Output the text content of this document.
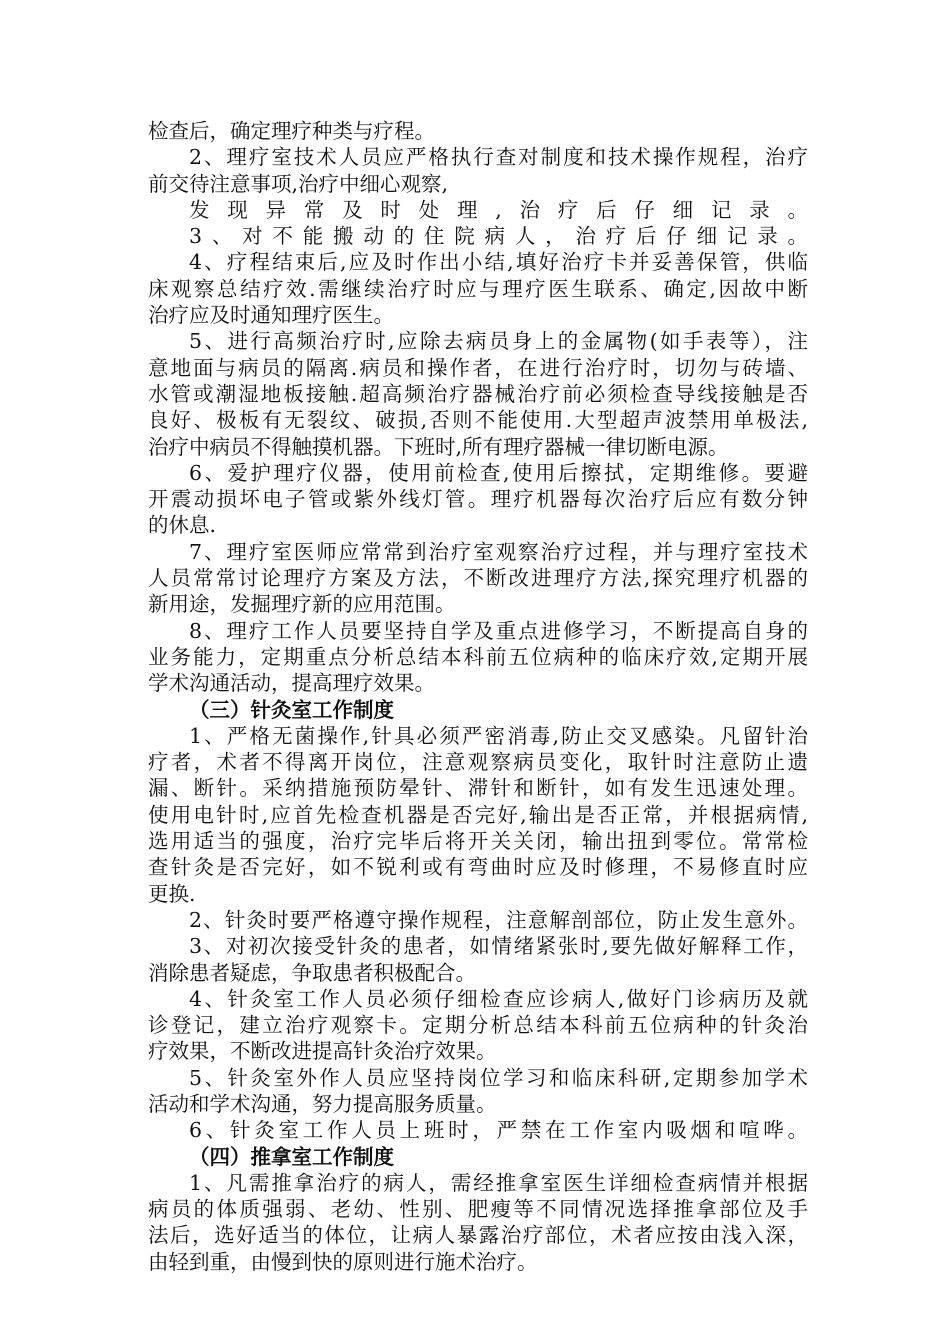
检查后，确定理疗种类与疗程。
2、理疗室技术人员应严格执行查对制度和技术操作规程，治疗
前交待注意事项,治疗中细心观察,
发现异常及时处理,治疗后仔细记录。
3、对不能搬动的住院病人，治疗后仔细记录。
4、疗程结束后,应及时作出小结,填好治疗卡并妥善保管，供临
床观察总结疗效.需继续治疗时应与理疗医生联系、确定,因故中断
治疗应及时通知理疗医生。
5、进行高频治疗时,应除去病员身上的金属物(如手表等），注
意地面与病员的隔离.病员和操作者，在进行治疗时，切勿与砖墙、
水管或潮湿地板接触.超高频治疗器械治疗前必须检查导线接触是否
良好、极板有无裂纹、破损,否则不能使用.大型超声波禁用单极法,
治疗中病员不得触摸机器。下班时,所有理疗器械一律切断电源。
6、爱护理疗仪器，使用前检查,使用后擦拭，定期维修。要避
开震动损坏电子管或紫外线灯管。理疗机器每次治疗后应有数分钟
的休息.
7、理疗室医师应常常到治疗室观察治疗过程，并与理疗室技术
人员常常讨论理疗方案及方法，不断改进理疗方法,探究理疗机器的
新用途，发掘理疗新的应用范围。
8、理疗工作人员要坚持自学及重点进修学习，不断提高自身的
业务能力，定期重点分析总结本科前五位病种的临床疗效,定期开展
学术沟通活动，提高理疗效果。
（三）针灸室工作制度
1、严格无菌操作,针具必须严密消毒,防止交叉感染。凡留针治
疗者，术者不得离开岗位，注意观察病员变化，取针时注意防止遗
漏、断针。采纳措施预防晕针、滞针和断针，如有发生迅速处理。
使用电针时,应首先检查机器是否完好,输出是否正常，并根据病情,
选用适当的强度，治疗完毕后将开关关闭，输出扭到零位。常常检
查针灸是否完好，如不锐利或有弯曲时应及时修理，不易修直时应
更换.
2、针灸时要严格遵守操作规程，注意解剖部位，防止发生意外。
3、对初次接受针灸的患者，如情绪紧张时,要先做好解释工作，
消除患者疑虑，争取患者积极配合。
4、针灸室工作人员必须仔细检查应诊病人,做好门诊病历及就
诊登记，建立治疗观察卡。定期分析总结本科前五位病种的针灸治
疗效果，不断改进提高针灸治疗效果。
5、针灸室外作人员应坚持岗位学习和临床科研,定期参加学术
活动和学术沟通，努力提高服务质量。
6、针灸室工作人员上班时，严禁在工作室内吸烟和喧哗。
（四）推拿室工作制度
1、凡需推拿治疗的病人，需经推拿室医生详细检查病情并根据
病员的体质强弱、老幼、性别、肥瘦等不同情况选择推拿部位及手
法后，选好适当的体位，让病人暴露治疗部位，术者应按由浅入深，
由轻到重，由慢到快的原则进行施术治疗。
